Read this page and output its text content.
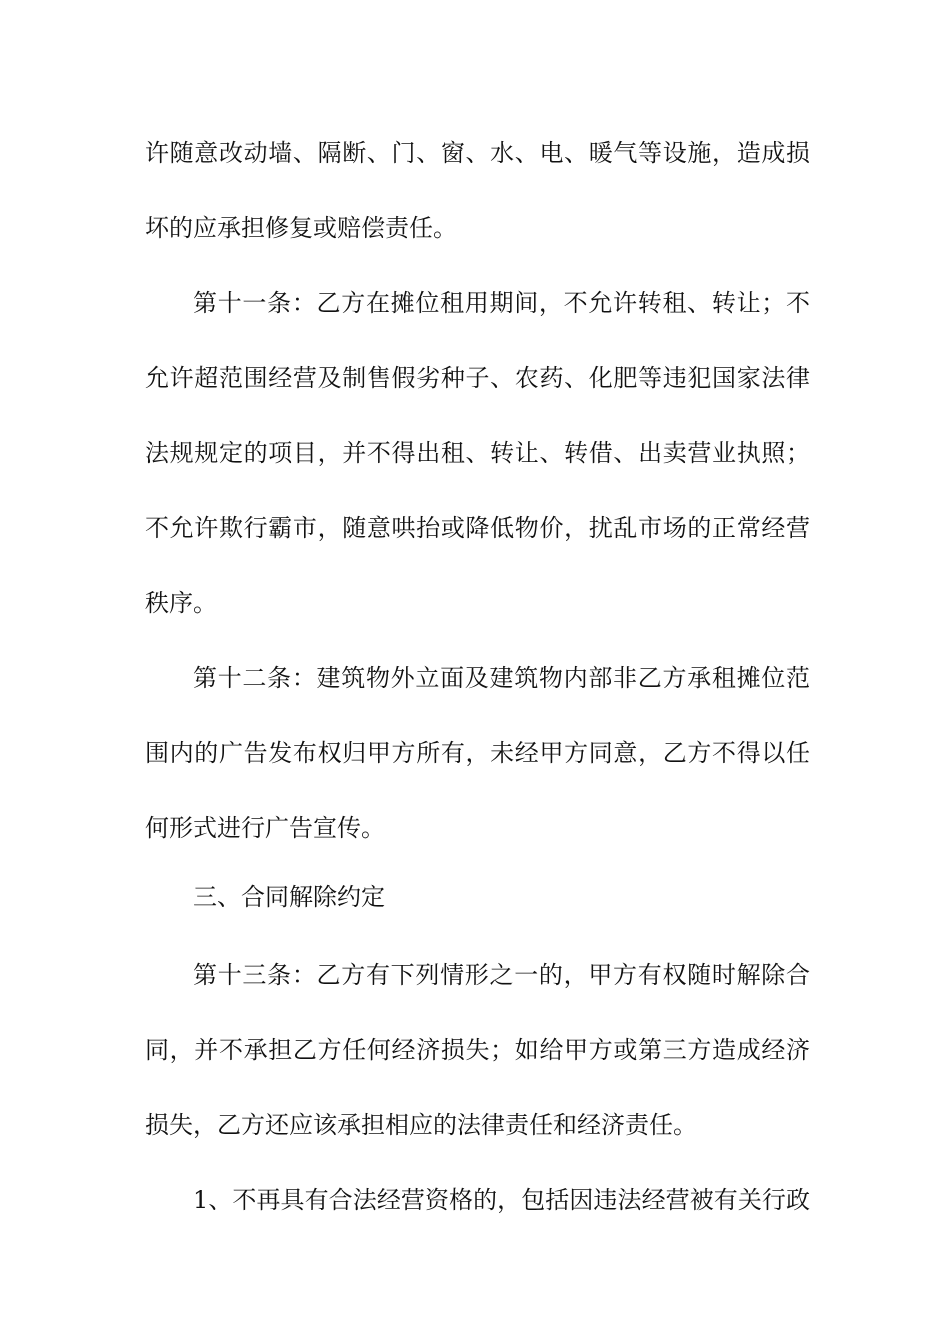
许随意改动墙、隔断、门、窗、水、电、暖气等设施，造成损
坏的应承担修复或赔偿责任。
第十一条：乙方在摊位租用期间，不允许转租、转让；不
允许超范围经营及制售假劣种子、农药、化肥等违犯国家法律
法规规定的项目，并不得出租、转让、转借、出卖营业执照；
不允许欺行霸市，随意哄抬或降低物价，扰乱市场的正常经营
秩序。
第十二条：建筑物外立面及建筑物内部非乙方承租摊位范
围内的广告发布权归甲方所有，未经甲方同意，乙方不得以任
何形式进行广告宣传。
三、合同解除约定
第十三条：乙方有下列情形之一的，甲方有权随时解除合
同，并不承担乙方任何经济损失；如给甲方或第三方造成经济
损失，乙方还应该承担相应的法律责任和经济责任。
1、不再具有合法经营资格的，包括因违法经营被有关行政
